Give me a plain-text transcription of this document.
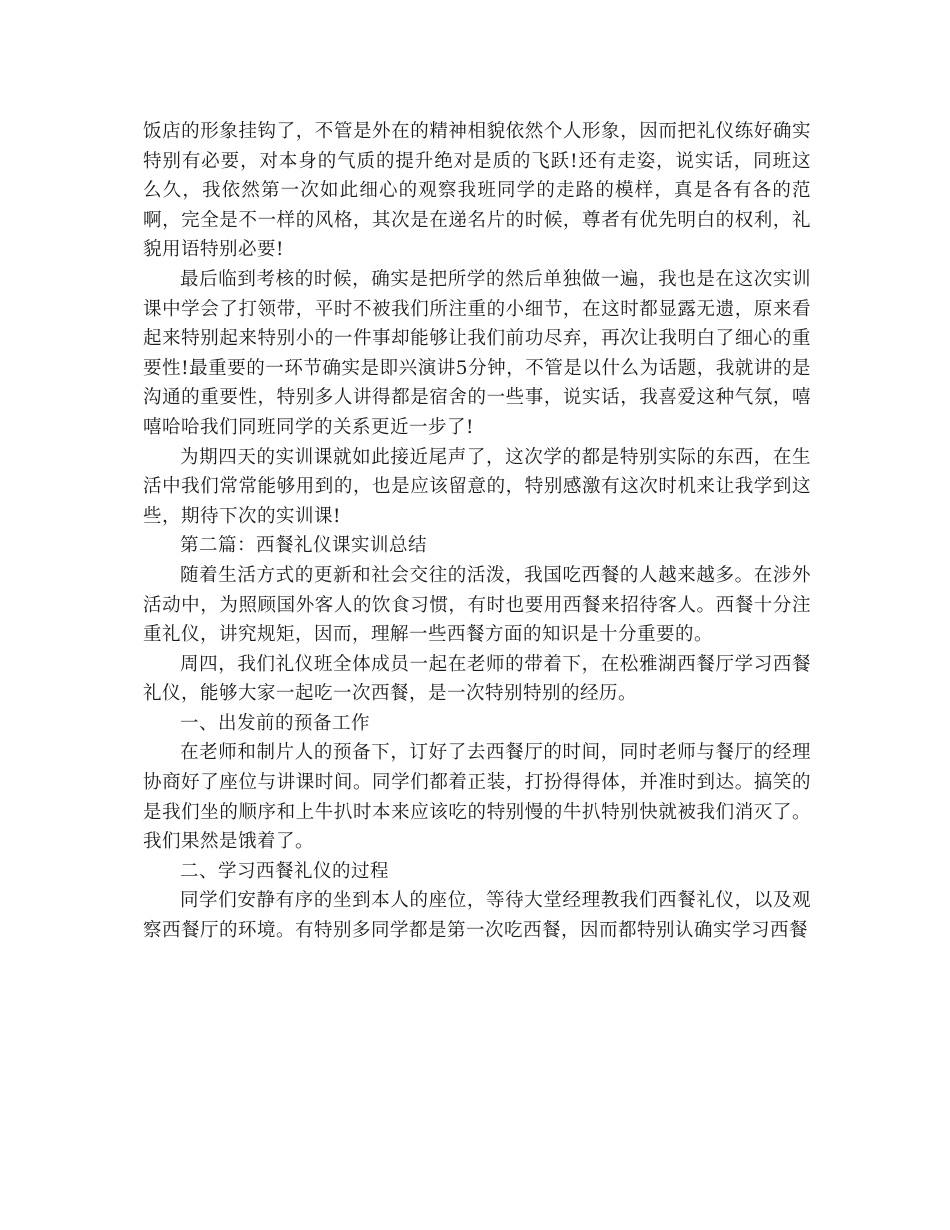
饭店的形象挂钩了，不管是外在的精神相貌依然个人形象，因而把礼仪练好确实特别有必要，对本身的气质的提升绝对是质的飞跃!还有走姿，说实话，同班这么久，我依然第一次如此细心的观察我班同学的走路的模样，真是各有各的范啊，完全是不一样的风格，其次是在递名片的时候，尊者有优先明白的权利，礼貌用语特别必要!

最后临到考核的时候，确实是把所学的然后单独做一遍，我也是在这次实训课中学会了打领带，平时不被我们所注重的小细节，在这时都显露无遗，原来看起来特别起来特别小的一件事却能够让我们前功尽弃，再次让我明白了细心的重要性!最重要的一环节确实是即兴演讲5分钟，不管是以什么为话题，我就讲的是沟通的重要性，特别多人讲得都是宿舍的一些事，说实话，我喜爱这种气氛，嘻嘻哈哈我们同班同学的关系更近一步了!

为期四天的实训课就如此接近尾声了，这次学的都是特别实际的东西，在生活中我们常常能够用到的，也是应该留意的，特别感激有这次时机来让我学到这些，期待下次的实训课!

第二篇：西餐礼仪课实训总结

随着生活方式的更新和社会交往的活泼，我国吃西餐的人越来越多。在涉外活动中，为照顾国外客人的饮食习惯，有时也要用西餐来招待客人。西餐十分注重礼仪，讲究规矩，因而，理解一些西餐方面的知识是十分重要的。

周四，我们礼仪班全体成员一起在老师的带着下，在松雅湖西餐厅学习西餐礼仪，能够大家一起吃一次西餐，是一次特别特别的经历。

一、出发前的预备工作

在老师和制片人的预备下，订好了去西餐厅的时间，同时老师与餐厅的经理协商好了座位与讲课时间。同学们都着正装，打扮得得体，并准时到达。搞笑的是我们坐的顺序和上牛扒时本来应该吃的特别慢的牛扒特别快就被我们消灭了。我们果然是饿着了。

二、学习西餐礼仪的过程

同学们安静有序的坐到本人的座位，等待大堂经理教我们西餐礼仪，以及观察西餐厅的环境。有特别多同学都是第一次吃西餐，因而都特别认确实学习西餐
